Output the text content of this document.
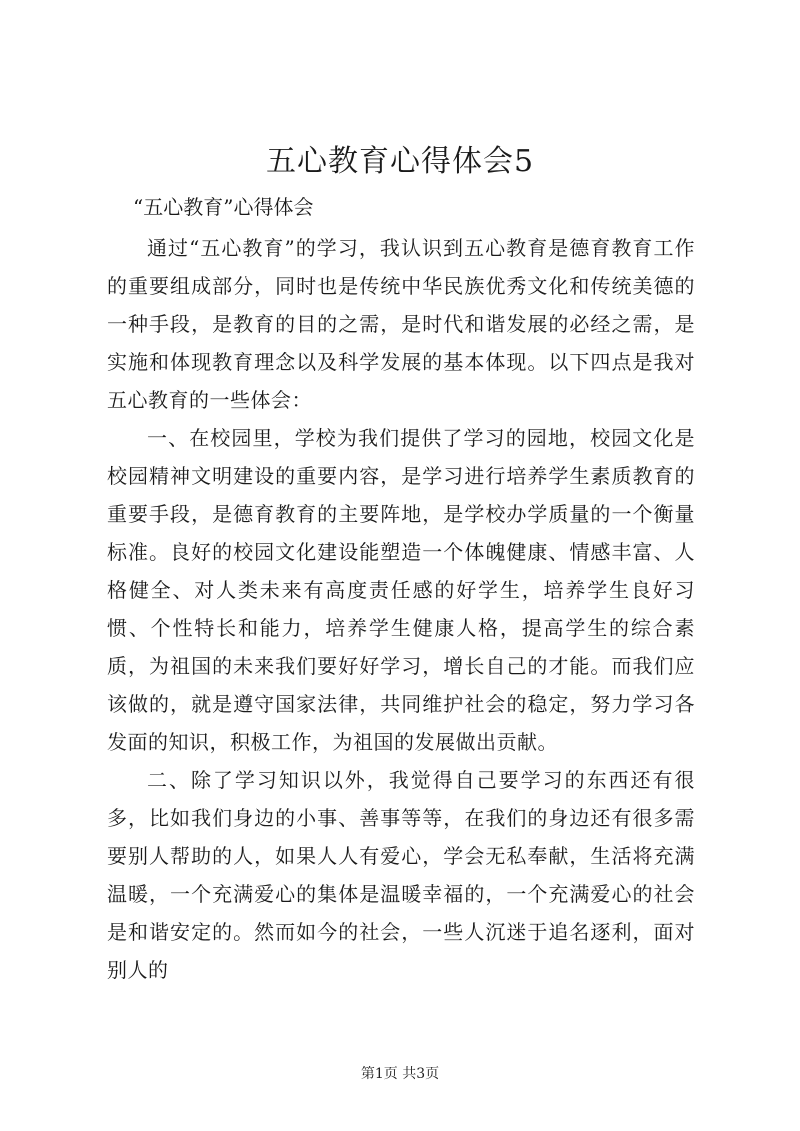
五心教育心得体会5

“五心教育”心得体会

通过“五心教育”的学习，我认识到五心教育是德育教育工作的重要组成部分，同时也是传统中华民族优秀文化和传统美德的一种手段，是教育的目的之需，是时代和谐发展的必经之需，是实施和体现教育理念以及科学发展的基本体现。以下四点是我对五心教育的一些体会：

一、在校园里，学校为我们提供了学习的园地，校园文化是校园精神文明建设的重要内容，是学习进行培养学生素质教育的重要手段，是德育教育的主要阵地，是学校办学质量的一个衡量标准。良好的校园文化建设能塑造一个体魄健康、情感丰富、人格健全、对人类未来有高度责任感的好学生，培养学生良好习惯、个性特长和能力，培养学生健康人格，提高学生的综合素质，为祖国的未来我们要好好学习，增长自己的才能。而我们应该做的，就是遵守国家法律，共同维护社会的稳定，努力学习各发面的知识，积极工作，为祖国的发展做出贡献。

二、除了学习知识以外，我觉得自己要学习的东西还有很多，比如我们身边的小事、善事等等，在我们的身边还有很多需要别人帮助的人，如果人人有爱心，学会无私奉献，生活将充满温暖，一个充满爱心的集体是温暖幸福的，一个充满爱心的社会是和谐安定的。然而如今的社会，一些人沉迷于追名逐利，面对别人的

第1页 共3页
